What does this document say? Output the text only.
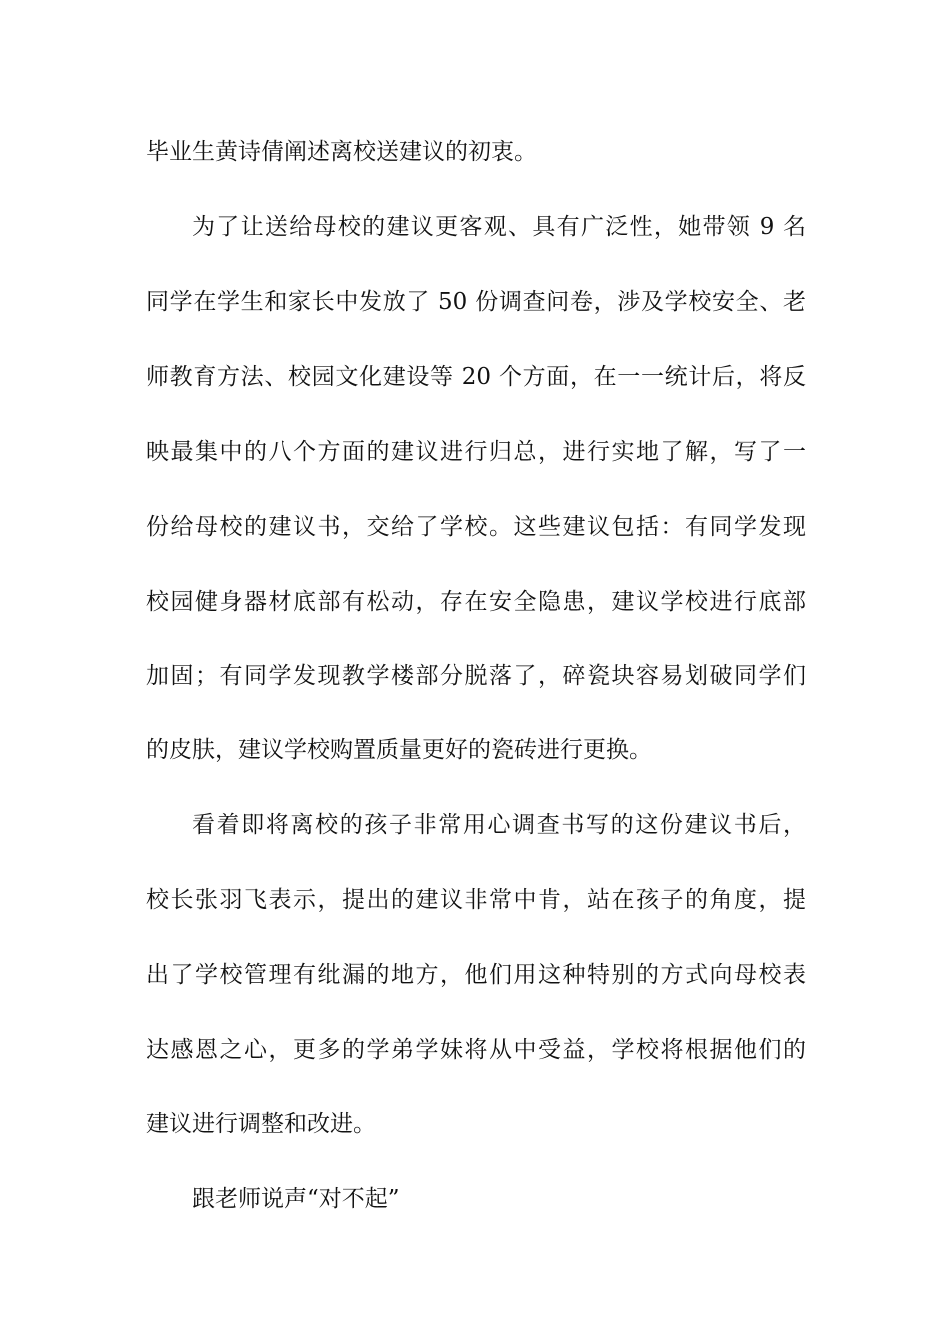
毕业生黄诗倩阐述离校送建议的初衷。
为了让送给母校的建议更客观、具有广泛性，她带领 9 名
同学在学生和家长中发放了 50 份调查问卷，涉及学校安全、老
师教育方法、校园文化建设等 20 个方面，在一一统计后，将反
映最集中的八个方面的建议进行归总，进行实地了解，写了一
份给母校的建议书，交给了学校。这些建议包括：有同学发现
校园健身器材底部有松动，存在安全隐患，建议学校进行底部
加固；有同学发现教学楼部分脱落了，碎瓷块容易划破同学们
的皮肤，建议学校购置质量更好的瓷砖进行更换。
看着即将离校的孩子非常用心调查书写的这份建议书后，
校长张羽飞表示，提出的建议非常中肯，站在孩子的角度，提
出了学校管理有纰漏的地方，他们用这种特别的方式向母校表
达感恩之心，更多的学弟学妹将从中受益，学校将根据他们的
建议进行调整和改进。
跟老师说声“对不起”
